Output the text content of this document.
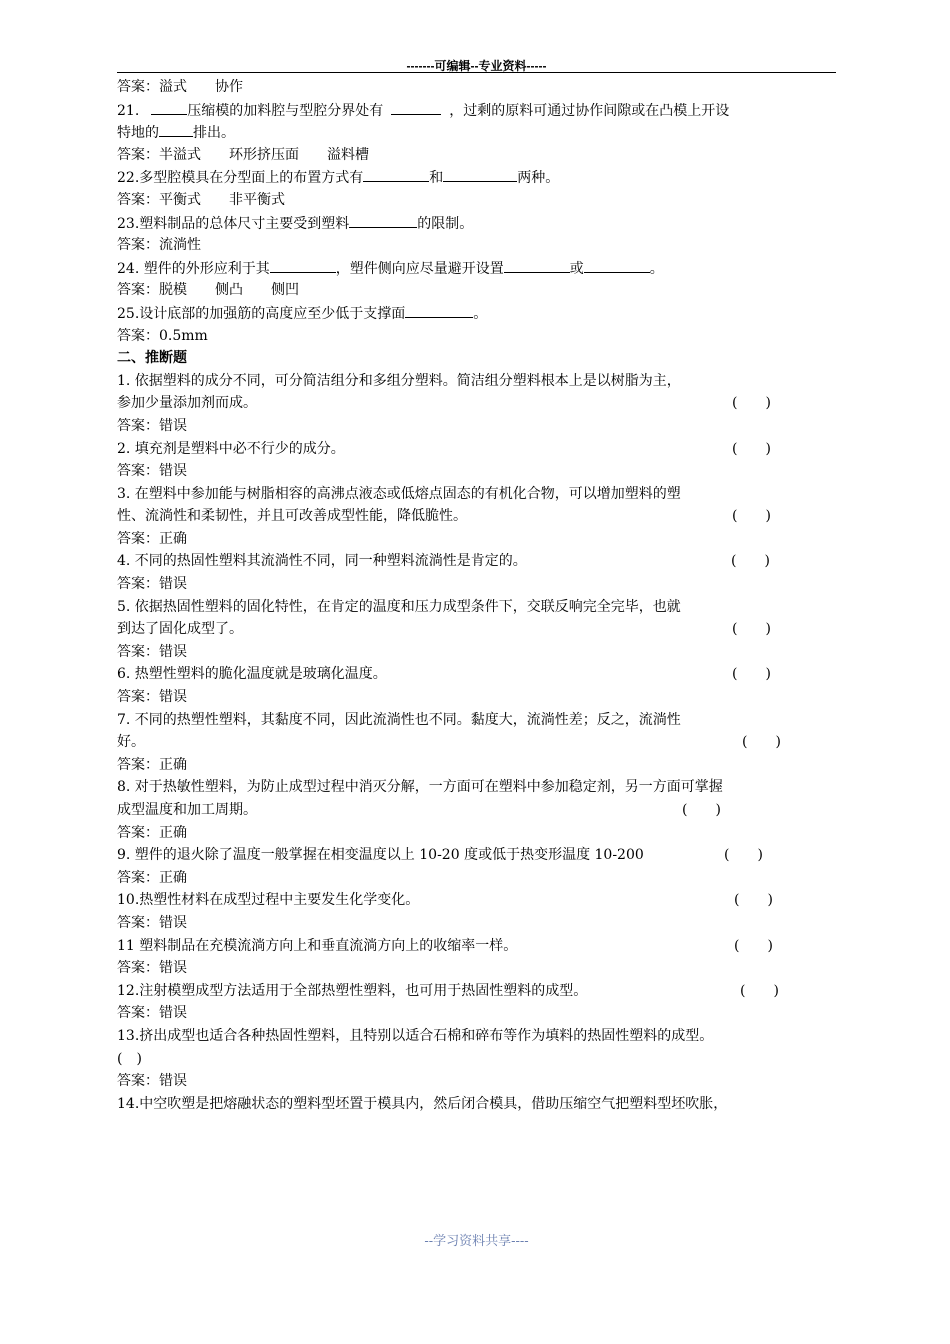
-------可编辑--专业资料-----
答案：溢式　　协作
21.	压缩模的加料腔与型腔分界处有	，过剩的原料可通过协作间隙或在凸模上开设
特地的 排出。
答案：半溢式　　环形挤压面　　溢料槽
22.多型腔模具在分型面上的布置方式有	和	两种。
答案：平衡式　　非平衡式
23.塑料制品的总体尺寸主要受到塑料	的限制。
答案：流淌性
24. 塑件的外形应利于其	，塑件侧向应尽量避开设置	或	。
答案：脱模　　侧凸　　侧凹
25.设计底部的加强筋的高度应至少低于支撑面	。
答案：0.5mm
二、推断题
1. 依据塑料的成分不同，可分简洁组分和多组分塑料。简洁组分塑料根本上是以树脂为主，
参加少量添加剂而成。	(　　)
答案：错误
2. 填充剂是塑料中必不行少的成分。	(　　)
答案：错误
3. 在塑料中参加能与树脂相容的高沸点液态或低熔点固态的有机化合物，可以增加塑料的塑
性、流淌性和柔韧性，并且可改善成型性能，降低脆性。	(　　)
答案：正确
4. 不同的热固性塑料其流淌性不同，同一种塑料流淌性是肯定的。	(　　)
答案：错误
5. 依据热固性塑料的固化特性，在肯定的温度和压力成型条件下，交联反响完全完毕，也就
到达了固化成型了。	(　　)
答案：错误
6. 热塑性塑料的脆化温度就是玻璃化温度。	(　　)
答案：错误
7. 不同的热塑性塑料，其黏度不同，因此流淌性也不同。黏度大，流淌性差；反之，流淌性
好。	(　　)
答案：正确
8. 对于热敏性塑料，为防止成型过程中消灭分解，一方面可在塑料中参加稳定剂，另一方面可掌握
成型温度和加工周期。	(　　)
答案：正确
9. 塑件的退火除了温度一般掌握在相变温度以上 10-20 度或低于热变形温度 10-200	(　　)
答案：正确
10.热塑性材料在成型过程中主要发生化学变化。	(　　)
答案：错误
11 塑料制品在充模流淌方向上和垂直流淌方向上的收缩率一样。	(　　)
答案：错误
12.注射模塑成型方法适用于全部热塑性塑料，也可用于热固性塑料的成型。	(　　)
答案：错误
13.挤出成型也适合各种热固性塑料，且特别以适合石棉和碎布等作为填料的热固性塑料的成型。
(　)
答案：错误
14.中空吹塑是把熔融状态的塑料型坯置于模具内，然后闭合模具，借助压缩空气把塑料型坯吹胀，
--学习资料共享----
